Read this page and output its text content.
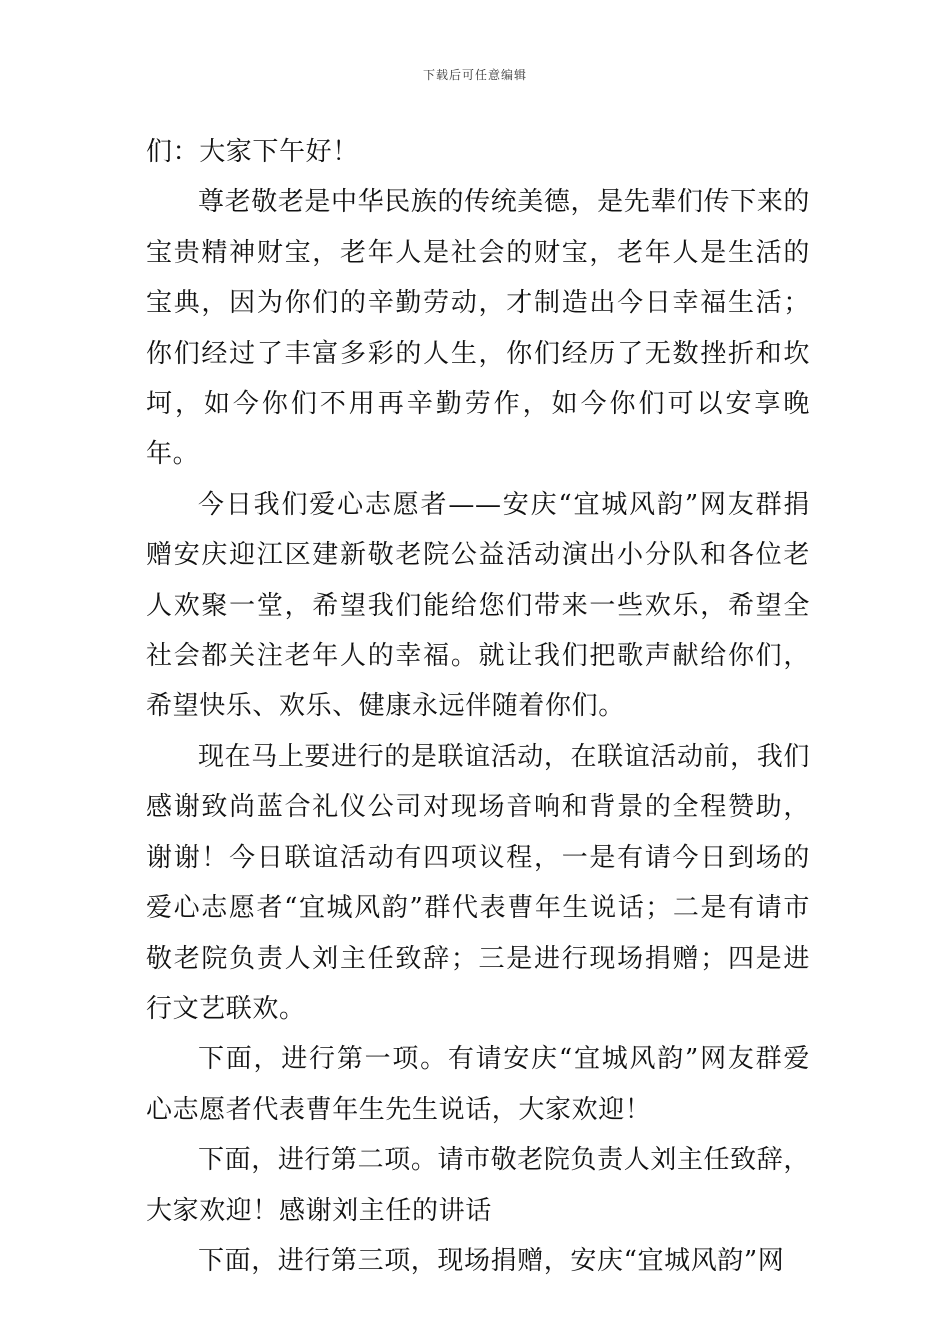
下载后可任意编辑

们：大家下午好！

尊老敬老是中华民族的传统美德，是先辈们传下来的宝贵精神财宝，老年人是社会的财宝，老年人是生活的宝典，因为你们的辛勤劳动，才制造出今日幸福生活；你们经过了丰富多彩的人生，你们经历了无数挫折和坎坷，如今你们不用再辛勤劳作，如今你们可以安享晚年。

今日我们爱心志愿者——安庆“宜城风韵”网友群捐赠安庆迎江区建新敬老院公益活动演出小分队和各位老人欢聚一堂，希望我们能给您们带来一些欢乐，希望全社会都关注老年人的幸福。就让我们把歌声献给你们，希望快乐、欢乐、健康永远伴随着你们。

现在马上要进行的是联谊活动，在联谊活动前，我们感谢致尚蓝合礼仪公司对现场音响和背景的全程赞助，谢谢！今日联谊活动有四项议程，一是有请今日到场的爱心志愿者“宜城风韵”群代表曹年生说话；二是有请市敬老院负责人刘主任致辞；三是进行现场捐赠；四是进行文艺联欢。

下面，进行第一项。有请安庆“宜城风韵”网友群爱心志愿者代表曹年生先生说话，大家欢迎！

下面，进行第二项。请市敬老院负责人刘主任致辞，大家欢迎！感谢刘主任的讲话

下面，进行第三项，现场捐赠，安庆“宜城风韵”网
